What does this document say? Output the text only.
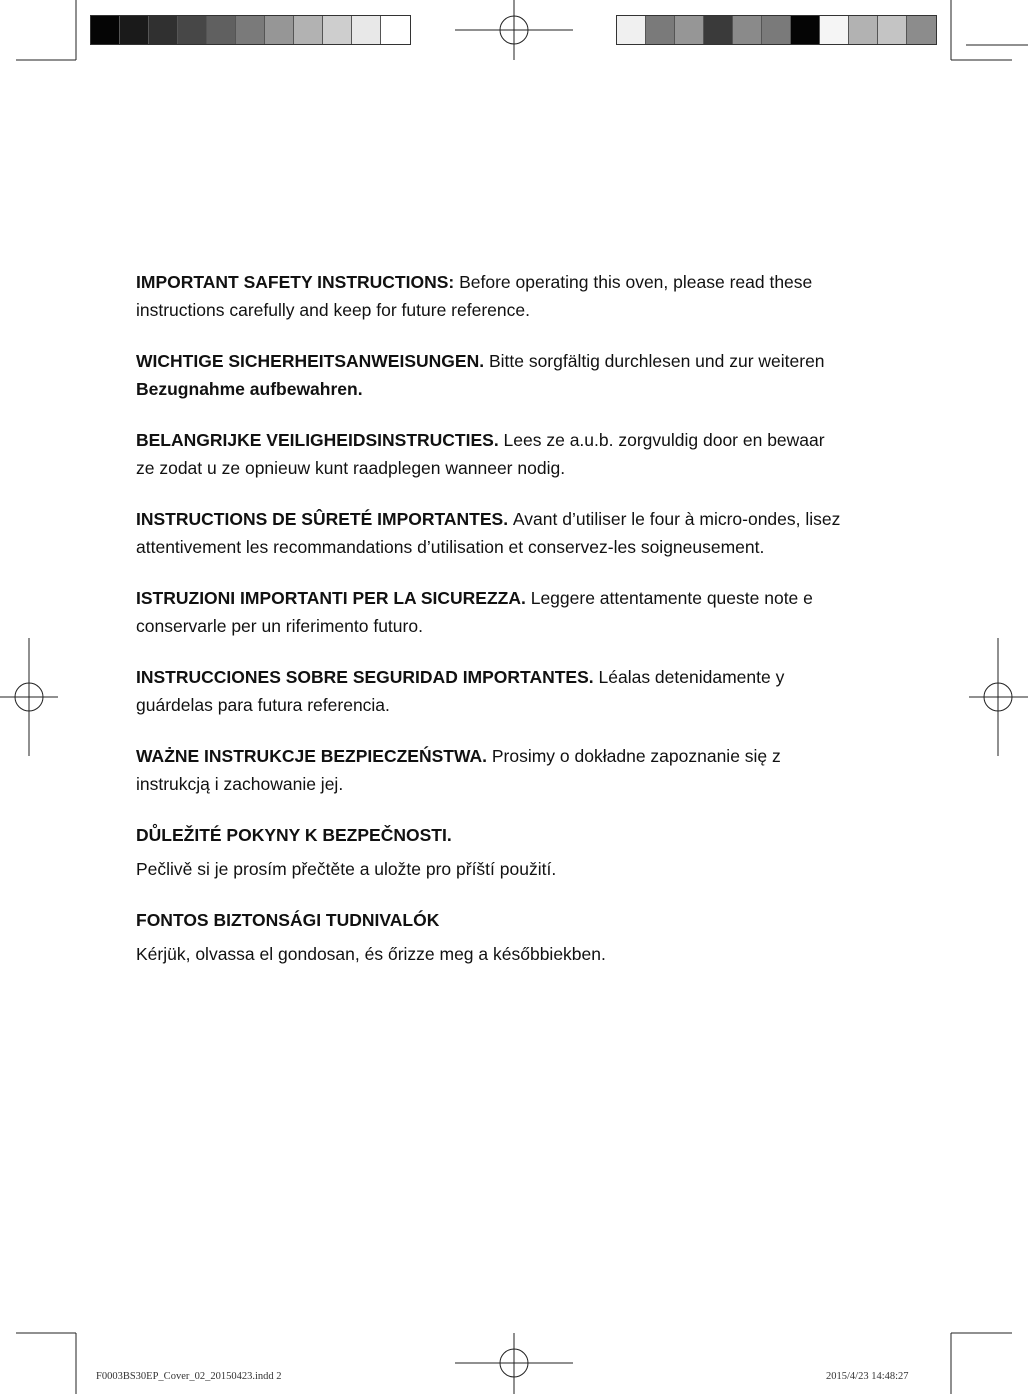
IMPORTANT SAFETY INSTRUCTIONS: Before operating this oven, please read these
instructions carefully and keep for future reference.

WICHTIGE SICHERHEITSANWEISUNGEN. Bitte sorgfältig durchlesen und zur weiteren
Bezugnahme aufbewahren.

BELANGRIJKE VEILIGHEIDSINSTRUCTIES. Lees ze a.u.b. zorgvuldig door en bewaar
ze zodat u ze opnieuw kunt raadplegen wanneer nodig.

INSTRUCTIONS DE SÛRETÉ IMPORTANTES. Avant d’utiliser le four à micro-ondes, lisez
attentivement les recommandations d’utilisation et conservez-les soigneusement.

ISTRUZIONI IMPORTANTI PER LA SICUREZZA. Leggere attentamente queste note e
conservarle per un riferimento futuro.

INSTRUCCIONES SOBRE SEGURIDAD IMPORTANTES. Léalas detenidamente y
guárdelas para futura referencia.

WAŻNE INSTRUKCJE BEZPIECZEŃSTWA. Prosimy o dokładne zapoznanie się z
instrukcją i zachowanie jej.

DŮLEŽITÉ POKYNY K BEZPEČNOSTI.

Pečlivě si je prosím přečtěte a uložte pro příští použití.

FONTOS BIZTONSÁGI TUDNIVALÓK

Kérjük, olvassa el gondosan, és őrizze meg a későbbiekben.

F0003BS30EP_Cover_02_20150423.indd 2	2015/4/23 14:48:27
